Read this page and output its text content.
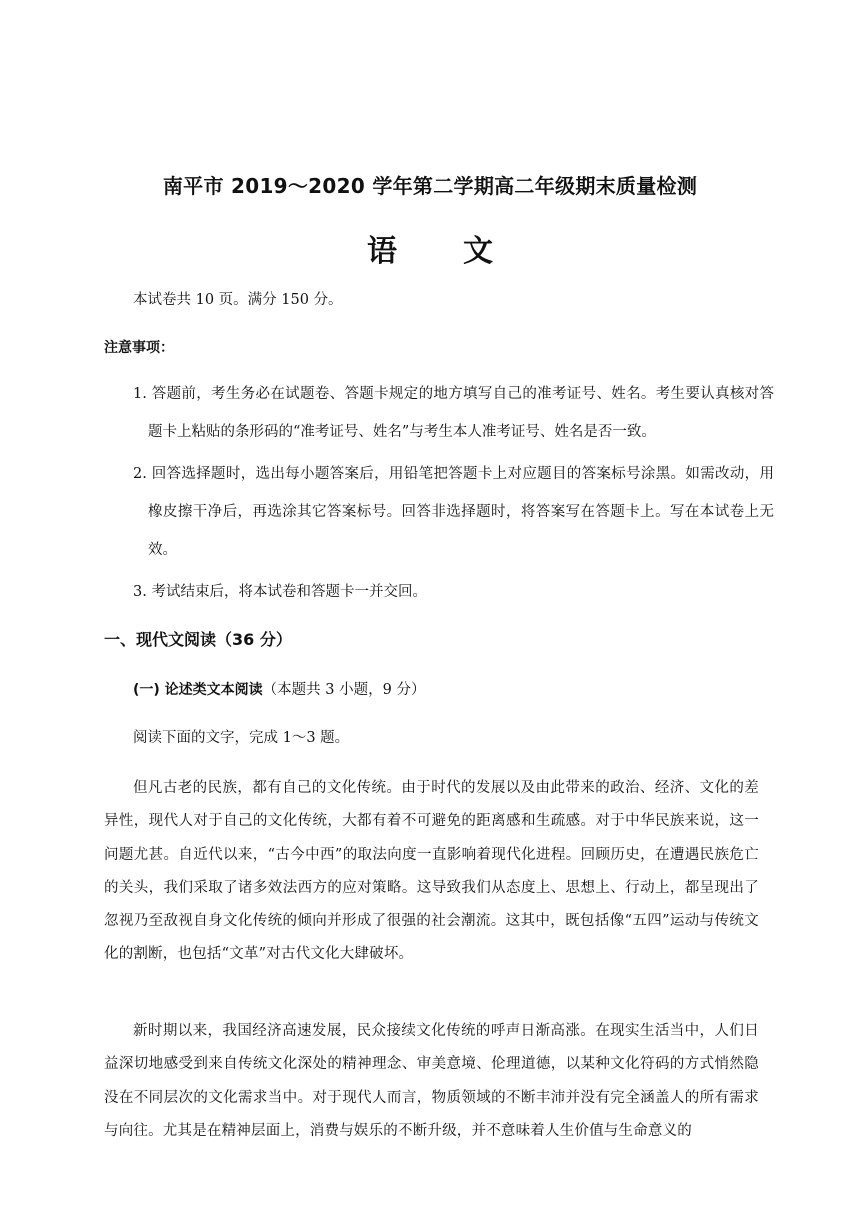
南平市 2019～2020 学年第二学期高二年级期末质量检测
语文
本试卷共 10 页。满分 150 分。
注意事项：
1. 答题前，考生务必在试题卷、答题卡规定的地方填写自己的准考证号、姓名。考生要认真核对答题卡上粘贴的条形码的“准考证号、姓名”与考生本人准考证号、姓名是否一致。
2. 回答选择题时，选出每小题答案后，用铅笔把答题卡上对应题目的答案标号涂黑。如需改动，用橡皮擦干净后，再选涂其它答案标号。回答非选择题时，将答案写在答题卡上。写在本试卷上无效。
3. 考试结束后，将本试卷和答题卡一并交回。
一、现代文阅读（36 分）
(一) 论述类文本阅读（本题共 3 小题，9 分）
阅读下面的文字，完成 1～3 题。
但凡古老的民族，都有自己的文化传统。由于时代的发展以及由此带来的政治、经济、文化的差异性，现代人对于自己的文化传统，大都有着不可避免的距离感和生疏感。对于中华民族来说，这一问题尤甚。自近代以来，“古今中西”的取法向度一直影响着现代化进程。回顾历史，在遭遇民族危亡的关头，我们采取了诸多效法西方的应对策略。这导致我们从态度上、思想上、行动上，都呈现出了忽视乃至敌视自身文化传统的倾向并形成了很强的社会潮流。这其中，既包括像“五四”运动与传统文化的割断，也包括“文革”对古代文化大肆破坏。
新时期以来，我国经济高速发展，民众接续文化传统的呼声日渐高涨。在现实生活当中，人们日益深切地感受到来自传统文化深处的精神理念、审美意境、伦理道德，以某种文化符码的方式悄然隐没在不同层次的文化需求当中。对于现代人而言，物质领域的不断丰沛并没有完全涵盖人的所有需求与向往。尤其是在精神层面上，消费与娱乐的不断升级，并不意味着人生价值与生命意义的
